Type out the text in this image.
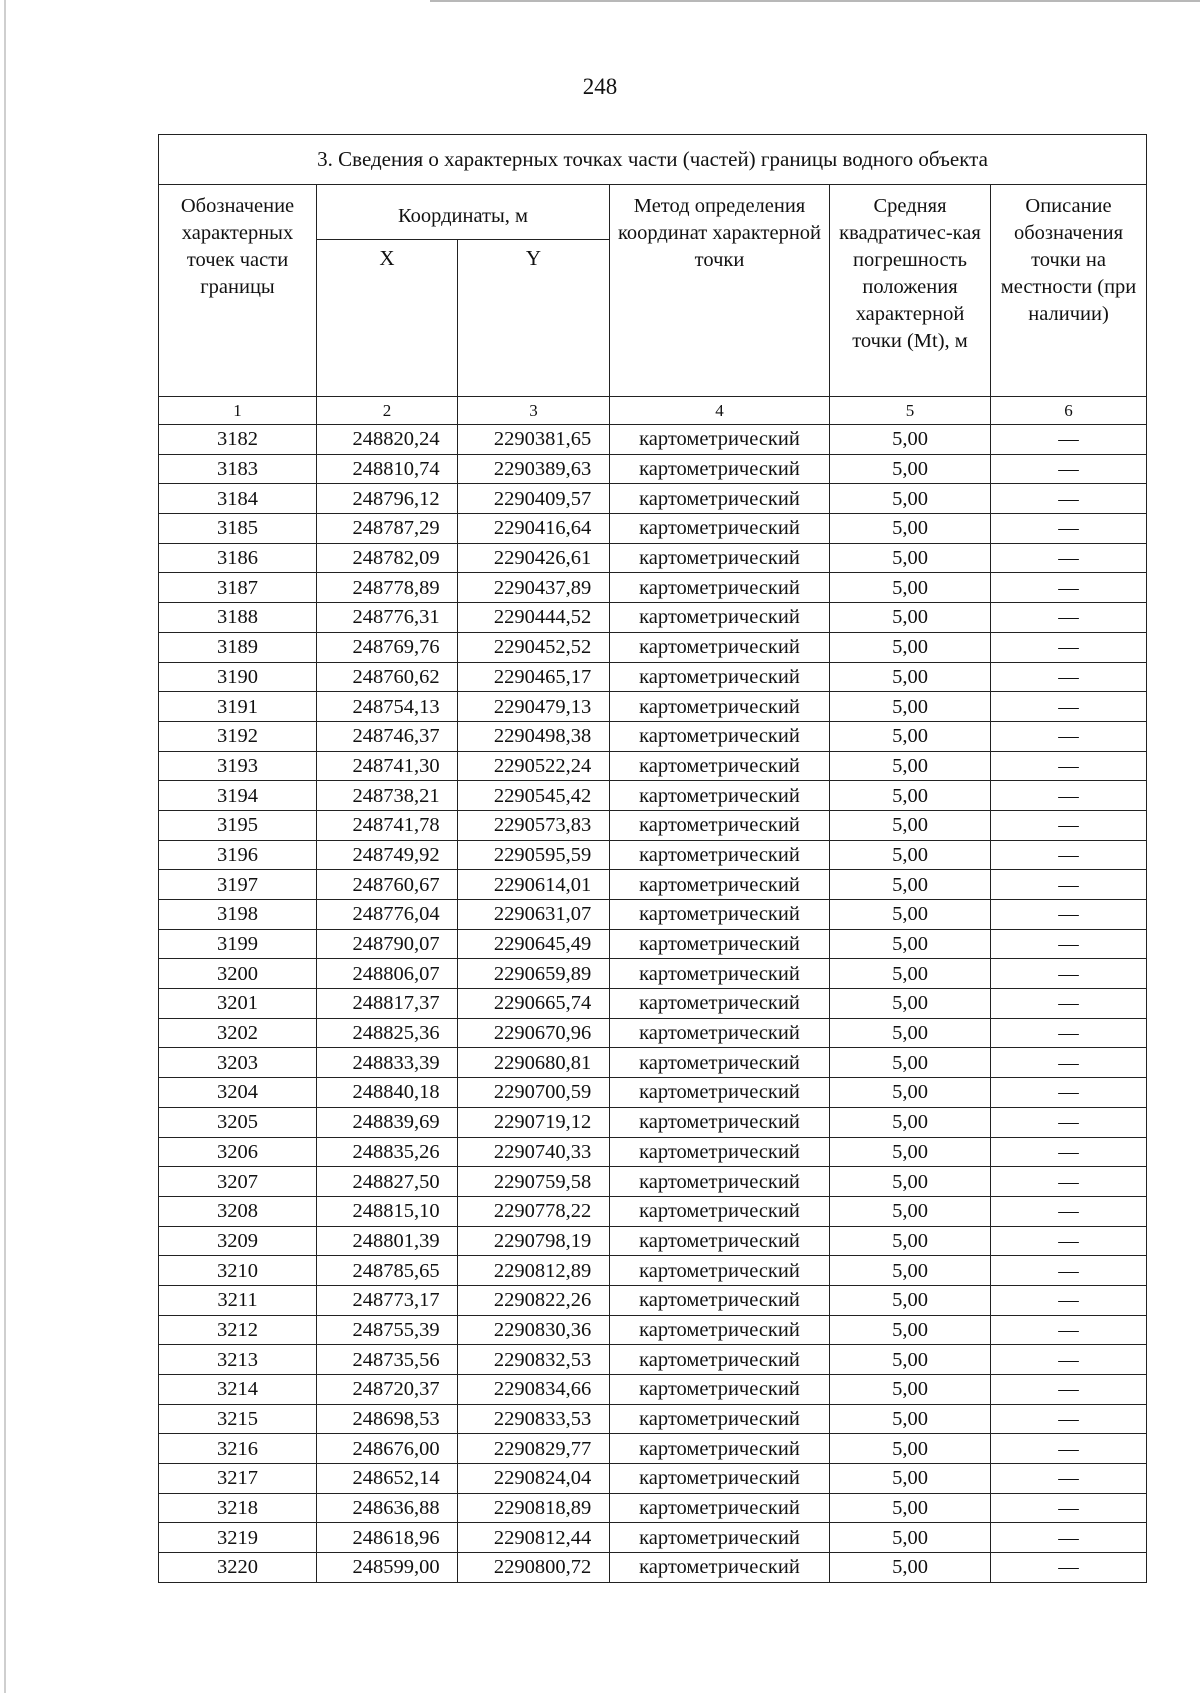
248
3. Сведения о характерных точках части (частей) границы водного объекта					
Обозначение характерных точек части границы	Координаты, м		Метод определения координат характерной точки	Средняя квадратичес-кая погрешность положения характерной точки (Mt), м	Описание обозначения точки на местности (при наличии)
	X	Y			
1	2	3	4	5	6
3182	248820,24	2290381,65	картометрический	5,00	—
3183	248810,74	2290389,63	картометрический	5,00	—
3184	248796,12	2290409,57	картометрический	5,00	—
3185	248787,29	2290416,64	картометрический	5,00	—
3186	248782,09	2290426,61	картометрический	5,00	—
3187	248778,89	2290437,89	картометрический	5,00	—
3188	248776,31	2290444,52	картометрический	5,00	—
3189	248769,76	2290452,52	картометрический	5,00	—
3190	248760,62	2290465,17	картометрический	5,00	—
3191	248754,13	2290479,13	картометрический	5,00	—
3192	248746,37	2290498,38	картометрический	5,00	—
3193	248741,30	2290522,24	картометрический	5,00	—
3194	248738,21	2290545,42	картометрический	5,00	—
3195	248741,78	2290573,83	картометрический	5,00	—
3196	248749,92	2290595,59	картометрический	5,00	—
3197	248760,67	2290614,01	картометрический	5,00	—
3198	248776,04	2290631,07	картометрический	5,00	—
3199	248790,07	2290645,49	картометрический	5,00	—
3200	248806,07	2290659,89	картометрический	5,00	—
3201	248817,37	2290665,74	картометрический	5,00	—
3202	248825,36	2290670,96	картометрический	5,00	—
3203	248833,39	2290680,81	картометрический	5,00	—
3204	248840,18	2290700,59	картометрический	5,00	—
3205	248839,69	2290719,12	картометрический	5,00	—
3206	248835,26	2290740,33	картометрический	5,00	—
3207	248827,50	2290759,58	картометрический	5,00	—
3208	248815,10	2290778,22	картометрический	5,00	—
3209	248801,39	2290798,19	картометрический	5,00	—
3210	248785,65	2290812,89	картометрический	5,00	—
3211	248773,17	2290822,26	картометрический	5,00	—
3212	248755,39	2290830,36	картометрический	5,00	—
3213	248735,56	2290832,53	картометрический	5,00	—
3214	248720,37	2290834,66	картометрический	5,00	—
3215	248698,53	2290833,53	картометрический	5,00	—
3216	248676,00	2290829,77	картометрический	5,00	—
3217	248652,14	2290824,04	картометрический	5,00	—
3218	248636,88	2290818,89	картометрический	5,00	—
3219	248618,96	2290812,44	картометрический	5,00	—
3220	248599,00	2290800,72	картометрический	5,00	—
